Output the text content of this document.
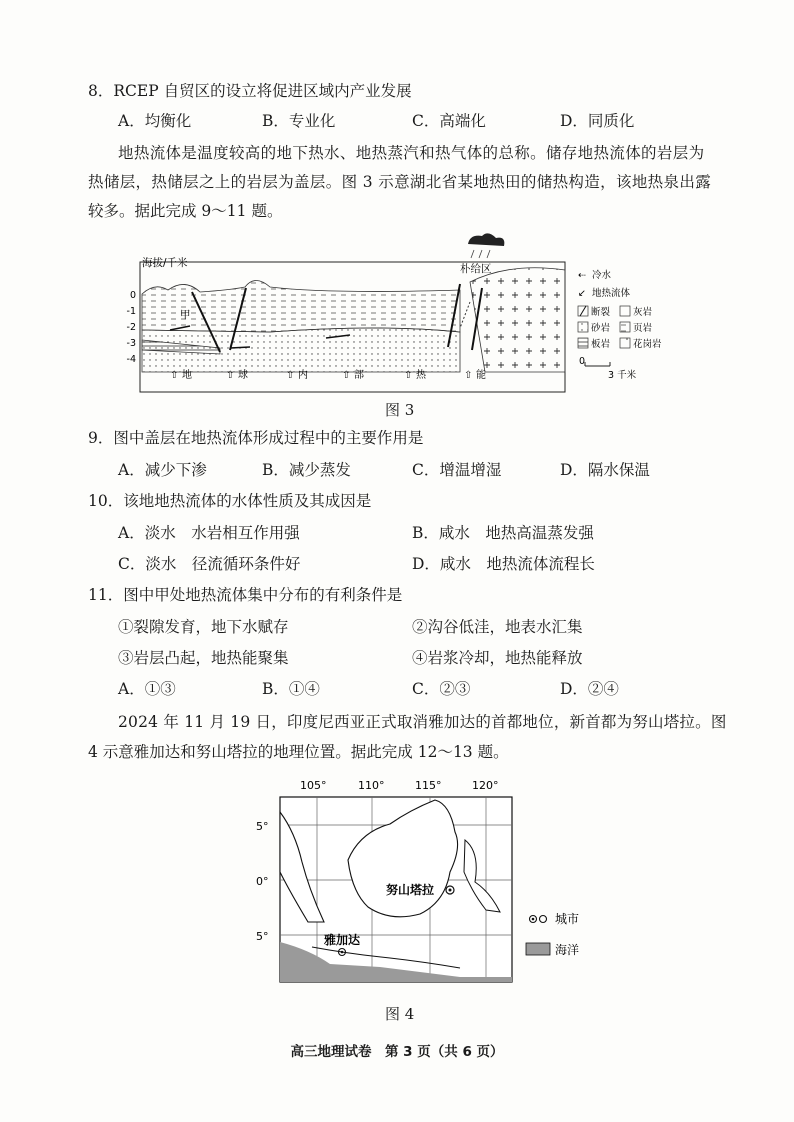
8．RCEP 自贸区的设立将促进区域内产业发展
A．均衡化	B．专业化	C．高端化	D．同质化
地热流体是温度较高的地下热水、地热蒸汽和热气体的总称。储存地热流体的岩层为
热储层，热储层之上的岩层为盖层。图 3 示意湖北省某地热田的储热构造，该地热泉出露
较多。据此完成 9～11 题。
海拔/千米
0
-1
-2
-3
-4
朴给区
甲
地	球	内	部	热	能
⇧	⇧	⇧	⇧	⇧	⇧
⇠ 冷水
↙ 地热流体
断裂 灰岩
砂岩 页岩
板岩 花岗岩
0
3 千米
图 3
9．图中盖层在地热流体形成过程中的主要作用是
A．减少下渗	B．减少蒸发	C．增温增湿	D．隔水保温
10．该地地热流体的水体性质及其成因是
A．淡水　水岩相互作用强	B．咸水　地热高温蒸发强
C．淡水　径流循环条件好	D．咸水　地热流体流程长
11．图中甲处地热流体集中分布的有利条件是
①裂隙发育，地下水赋存	②沟谷低洼，地表水汇集
③岩层凸起，地热能聚集	④岩浆冷却，地热能释放
A．①③	B．①④	C．②③	D．②④
2024 年 11 月 19 日，印度尼西亚正式取消雅加达的首都地位，新首都为努山塔拉。图
4 示意雅加达和努山塔拉的地理位置。据此完成 12～13 题。
105°	110°	115°	120°
5°
0°
5°
努山塔拉
雅加达
城市
海洋
图 4
高三地理试卷　第 3 页（共 6 页）
